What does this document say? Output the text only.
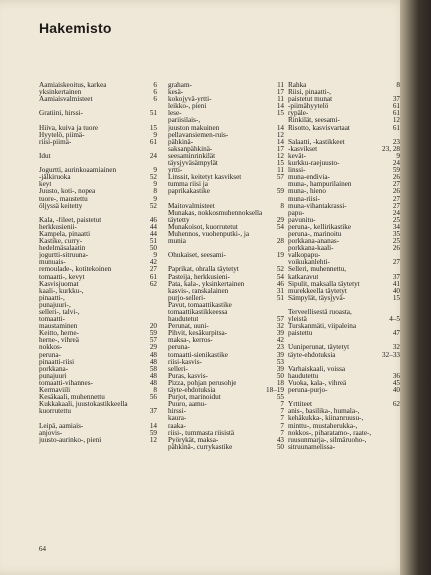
Hakemisto
Aamiaiskeoitus, karkea	6
yksinkertainen	6
Aamiaisvalmisteet	6
Gratiini, hirssi-	51
Hiiva, kuiva ja tuore	15
Hyytelö, piimä-	9
riisi-piimä-	61
Idut	24
Jogurtti, aurinkoaamiainen	9
-jälkiruoka	52
keyt	9
Juusto, koti-, nopea	8
tuore-, maustettu	9
öljyssä keitetty	52
Kala, -fileet, paistetut	46
herkkusienii-	44
Kampela, pinaatti	44
Kastike, curry-	51
hedelmäsalaatin	50
jogurtti-sitruuna-	9
munuais-	42
remoulade-, kotitekoinen	27
tomaatti-, kevyt	61
Kasvisjuomat	62
kaali-, kurkku-,
pinaatti-,
punajuuri-,
selleri-, talvi-,
tomaatti-
maustaminen	20
Keitto, herne-	59
herne-, vihreä	57
nokkos-	29
perunа-	48
pinaatti-riisi	48
porkkana-	58
punajuuri	48
tomaatti-vihannes-	48
Kermaviili	8
Kesäkaali, muhennettu	56
Kukkakaali, juustokastikkeella
kuorrutettu	37
Leipä, aamiais-	14
anjovis-	59
juusto-aurinko-, pieni	12
graham-	11
kesä-	17
kokojyvä-yrtti-	11
leikko-, pieni	14
lese-	15
pariisilais-,
juuston makuinen	14
pellavansiemen-ruis-	12
pähkinä-	14
saksanpähkinä-	17
seesaminrinkilät	12
täysjyväsämpylät	15
yrtti-	11
Linssit, keitetyt kasvikset	57
tumma riisi ja
paprikakastike	59
Maitovalmisteet	8
Munakas, nokkosmuhennoksella
täytetty	29
Munakoisot, kuorrutetut	54
Muhennos, vuohenputki-, ja
munia	28
Ohukaiset, seesami-	19
Paprikat, ohralla täytetyt	52
Pasteija, herkkusieni-	54
Pata, kala-, yksinkertainen	46
kasvis-, ranskalainen	31
purjo-selleri-	51
Pavut, tomaattikastike
tomaattikastikkeessa
haudutetut	57
Perunat, uuni-	32
Pihvit, kesäkurpitsa-	39
maksa-, kerros-	42
peruna-	23
tomaatti-sienikastike	39
riisi-kasvis-	53
selleri-	39
Puras, kasvis-	50
Pizza, pohjan perusohje	18
täyte-ehdotuksia	18–19
Purjot, marinoidut	55
Puuro, aamu-	7
hirssi-	7
kaura-	7
raaka-	7
riisi-, tummasta riisistä	7
Pyörykät, maksa-	43
pähkinä-, currykastike	50
Rahka	8
Riisi, pinaatti-,
paistetut munat	37
-piimähyytelö	61
rypäle-	61
Rinkilät, seesami-	12
Risotto, kasvisvartaat	61
Salaatti, -kastikkeet	23
-kasvikset	23, 28
kevät-	9
kurkku-raejuusto-	24
linssi-	59
muna-endivia-	26
muna-, hampurilainen	27
muna-, hieno	26
muna-riisi-	27
muna-vihantakrassi-	27
papu-	24
pavunitu-	25
peruna-, kellirikastike	34
peruna-, marinoitu	35
porkkana-ananas-	25
porkkana-kaali-	26
valkopapu-
voikukanlehti-	27
Selleri, muhennettu,
katkaravut	37
Sipulit, maksalla täytetyt	41
murekkeella täytetyt	40
Sämpylät, täysjyvä-	15
Terveellisestä ruoasta,
yleistä	4–5
Turskanmäti, viipaleina
paistettu	47
Uuniperunat, täytetyt	32
täyte-ehdotuksia	32–33
Varhaiskaali, voissa
haudutettu	36
Vuoka, kala-, vihreä	45
peruna-purjo-	40
Yrttiteet	62
anis-, basilika-, humala-,
kehäkukka-, kiinanruusu-,
minttu-, mustaherukka-,
nokkos-, piharatamo-, raate-,
ruusunmarja-, silmäruoho-,
sitruunamelissa-
64
